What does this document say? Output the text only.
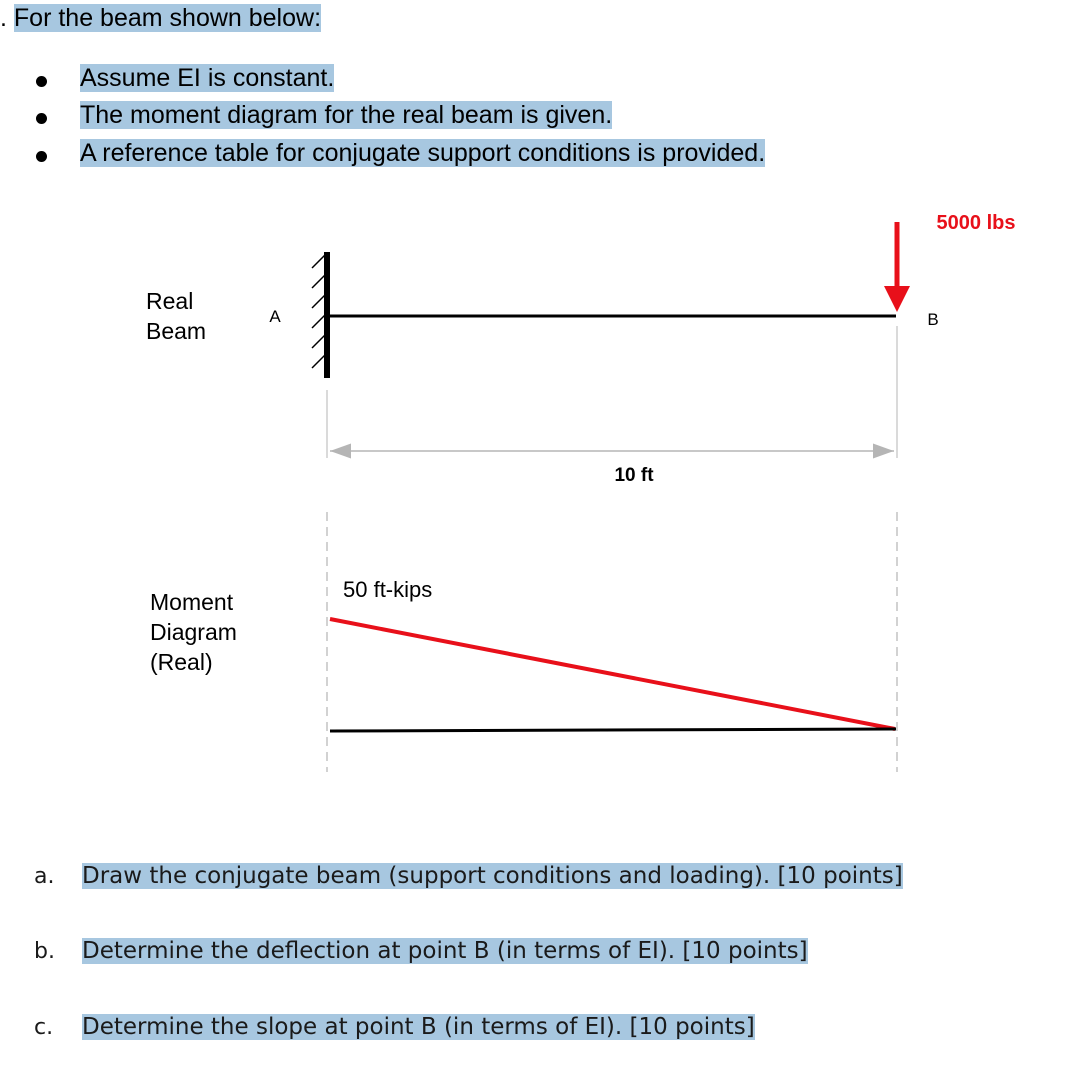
. For the beam shown below:
Assume EI is constant.
The moment diagram for the real beam is given.
A reference table for conjugate support conditions is provided.
Real
Beam
Moment
Diagram
(Real)
5000 lbs
A	B
10 ft
50 ft-kips
a. Draw the conjugate beam (support conditions and loading). [10 points]
b. Determine the deflection at point B (in terms of EI). [10 points]
c. Determine the slope at point B (in terms of EI). [10 points]
